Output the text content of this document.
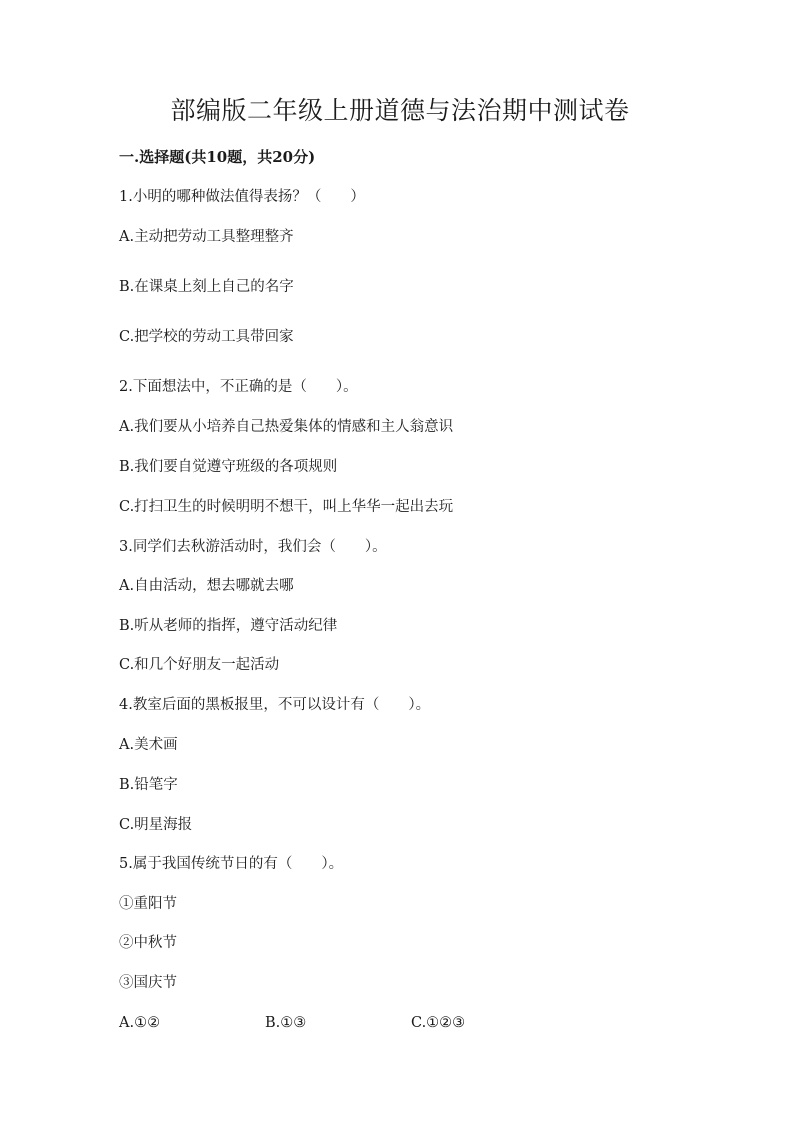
部编版二年级上册道德与法治期中测试卷

一.选择题(共10题，共20分)

1.小明的哪种做法值得表扬？（　　）

A.主动把劳动工具整理整齐

B.在课桌上刻上自己的名字

C.把学校的劳动工具带回家

2.下面想法中，不正确的是（　　）。

A.我们要从小培养自己热爱集体的情感和主人翁意识

B.我们要自觉遵守班级的各项规则

C.打扫卫生的时候明明不想干，叫上华华一起出去玩

3.同学们去秋游活动时，我们会（　　）。

A.自由活动，想去哪就去哪

B.听从老师的指挥，遵守活动纪律

C.和几个好朋友一起活动

4.教室后面的黑板报里，不可以设计有（　　）。

A.美术画

B.铅笔字

C.明星海报

5.属于我国传统节日的有（　　）。

①重阳节

②中秋节

③国庆节

A.①②	B.①③	C.①②③
